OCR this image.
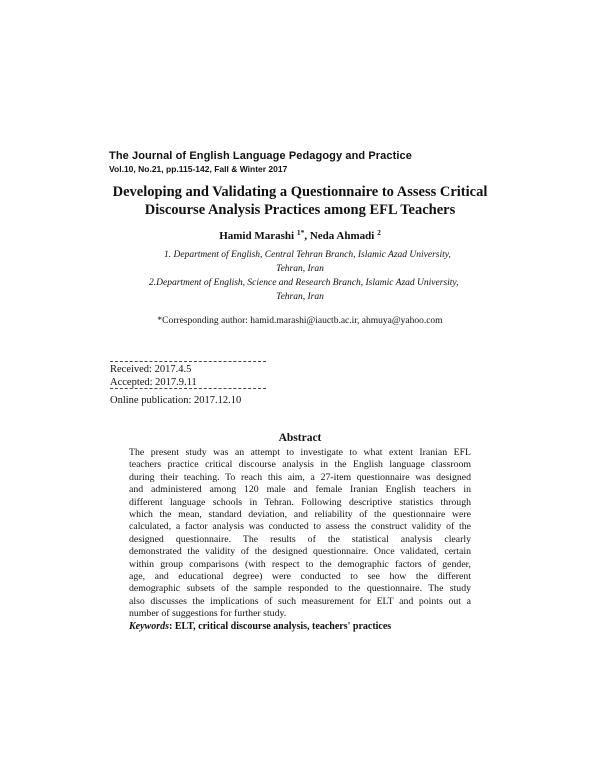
The Journal of English Language Pedagogy and Practice
Vol.10, No.21, pp.115-142, Fall & Winter 2017
Developing and Validating a Questionnaire to Assess Critical
Discourse Analysis Practices among EFL Teachers
Hamid Marashi $^{1*}$, Neda Ahmadi $^2$
1. Department of English, Central Tehran Branch, Islamic Azad University,
Tehran, Iran
2.Department of English, Science and Research Branch, Islamic Azad University,
Tehran, Iran
*Corresponding author: hamid.marashi@iauctb.ac.ir, ahmuya@yahoo.com
Received: 2017.4.5
Accepted: 2017.9.11
Online publication: 2017.12.10
Abstract
The present study was an attempt to investigate to what extent Iranian EFL
teachers practice critical discourse analysis in the English language classroom
during their teaching. To reach this aim, a 27-item questionnaire was designed
and administered among 120 male and female Iranian English teachers in
different language schools in Tehran. Following descriptive statistics through
which the mean, standard deviation, and reliability of the questionnaire were
calculated, a factor analysis was conducted to assess the construct validity of the
designed questionnaire. The results of the statistical analysis clearly
demonstrated the validity of the designed questionnaire. Once validated, certain
within group comparisons (with respect to the demographic factors of gender,
age, and educational degree) were conducted to see how the different
demographic subsets of the sample responded to the questionnaire. The study
also discusses the implications of such measurement for ELT and points out a
number of suggestions for further study.
Keywords: ELT, critical discourse analysis, teachers' practices
